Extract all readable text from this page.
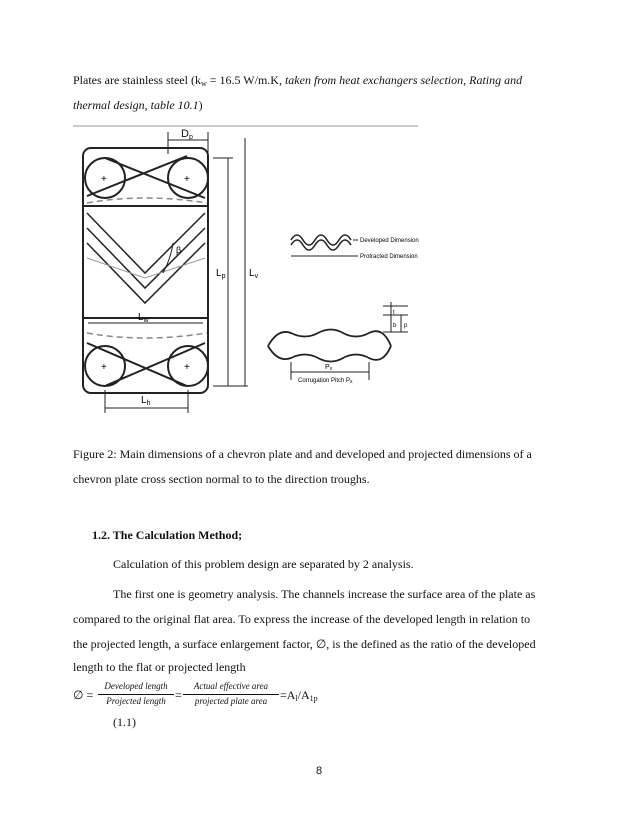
Plates are stainless steel ($k_w = 16.5$ W/m.K, taken from heat exchangers selection, Rating and
thermal design, table 10.1)
Dp
+	+
β
$L_w$
+	+
$L_h$
$L_p$ $L_v$
Developed Dimension
Protracted Dimension
t
b p
Px
Corrugation Pitch Px
Figure 2: Main dimensions of a chevron plate and and developed and projected dimensions of a
chevron plate cross section normal to to the direction troughs.
1.2. The Calculation Method;
Calculation of this problem design are separated by 2 analysis.
The first one is geometry analysis. The channels increase the surface area of the plate as
compared to the original flat area. To express the increase of the developed length in relation to
the projected length, a surface enlargement factor, ∅, is the defined as the ratio of the developed
length to the flat or projected length
∅ =
Developed length
Projected length =
Actual effective area
projected plate area	$=A_l/A_{1p}$
(1.1)
8
